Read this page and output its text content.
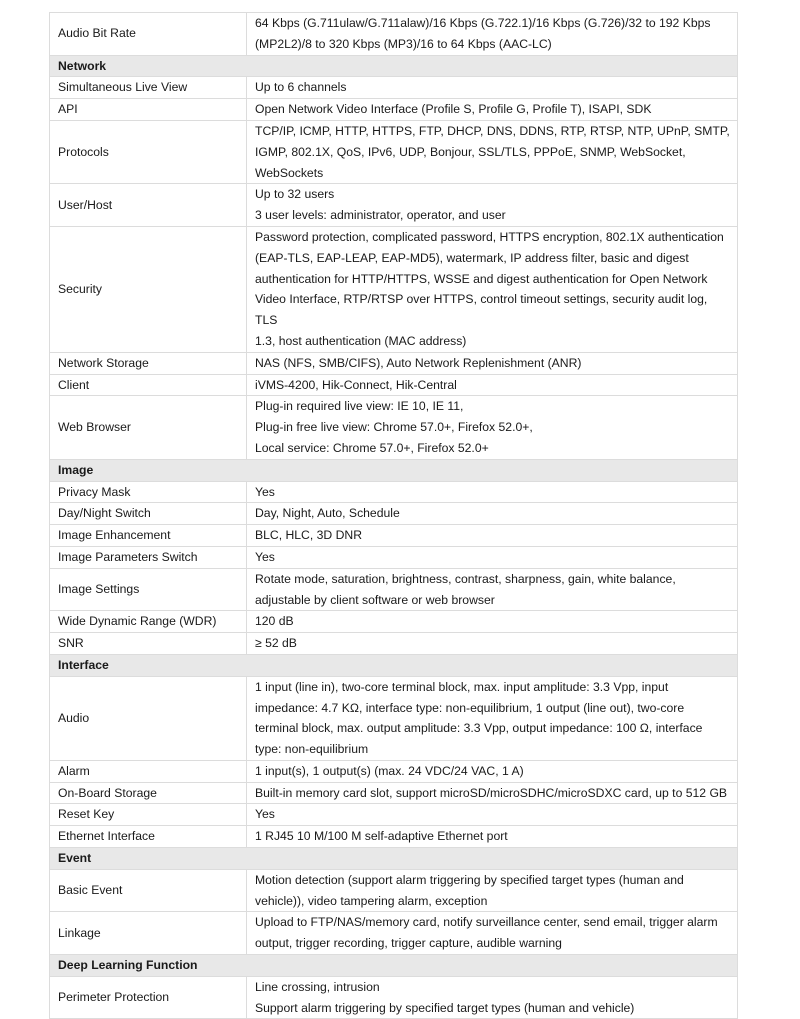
Audio Bit Rate	64 Kbps (G.711ulaw/G.711alaw)/16 Kbps (G.722.1)/16 Kbps (G.726)/32 to 192 Kbps
(MP2L2)/8 to 320 Kbps (MP3)/16 to 64 Kbps (AAC-LC)

Network	
Simultaneous Live View	Up to 6 channels

API	Open Network Video Interface (Profile S, Profile G, Profile T), ISAPI, SDK

Protocols	TCP/IP, ICMP, HTTP, HTTPS, FTP, DHCP, DNS, DDNS, RTP, RTSP, NTP, UPnP, SMTP,
IGMP, 802.1X, QoS, IPv6, UDP, Bonjour, SSL/TLS, PPPoE, SNMP, WebSocket,
WebSockets

User/Host	Up to 32 users
3 user levels: administrator, operator, and user

Security	Password protection, complicated password, HTTPS encryption, 802.1X authentication
(EAP-TLS, EAP-LEAP, EAP-MD5), watermark, IP address filter, basic and digest
authentication for HTTP/HTTPS, WSSE and digest authentication for Open Network
Video Interface, RTP/RTSP over HTTPS, control timeout settings, security audit log, TLS
1.3, host authentication (MAC address)

Network Storage	NAS (NFS, SMB/CIFS), Auto Network Replenishment (ANR)

Client	iVMS-4200, Hik-Connect, Hik-Central

Web Browser	Plug-in required live view: IE 10, IE 11,
Plug-in free live view: Chrome 57.0+, Firefox 52.0+,
Local service: Chrome 57.0+, Firefox 52.0+

Image	
Privacy Mask	Yes

Day/Night Switch	Day, Night, Auto, Schedule

Image Enhancement	BLC, HLC, 3D DNR

Image Parameters Switch	Yes

Image Settings	Rotate mode, saturation, brightness, contrast, sharpness, gain, white balance,
adjustable by client software or web browser

Wide Dynamic Range (WDR)	120 dB

SNR	≥ 52 dB

Interface	
Audio	1 input (line in), two-core terminal block, max. input amplitude: 3.3 Vpp, input
impedance: 4.7 KΩ, interface type: non-equilibrium, 1 output (line out), two-core
terminal block, max. output amplitude: 3.3 Vpp, output impedance: 100 Ω, interface
type: non-equilibrium

Alarm	1 input(s), 1 output(s) (max. 24 VDC/24 VAC, 1 A)

On-Board Storage	Built-in memory card slot, support microSD/microSDHC/microSDXC card, up to 512 GB

Reset Key	Yes

Ethernet Interface	1 RJ45 10 M/100 M self-adaptive Ethernet port

Event	
Basic Event	Motion detection (support alarm triggering by specified target types (human and
vehicle)), video tampering alarm, exception

Linkage	Upload to FTP/NAS/memory card, notify surveillance center, send email, trigger alarm
output, trigger recording, trigger capture, audible warning

Deep Learning Function	
Perimeter Protection	Line crossing, intrusion
Support alarm triggering by specified target types (human and vehicle)
